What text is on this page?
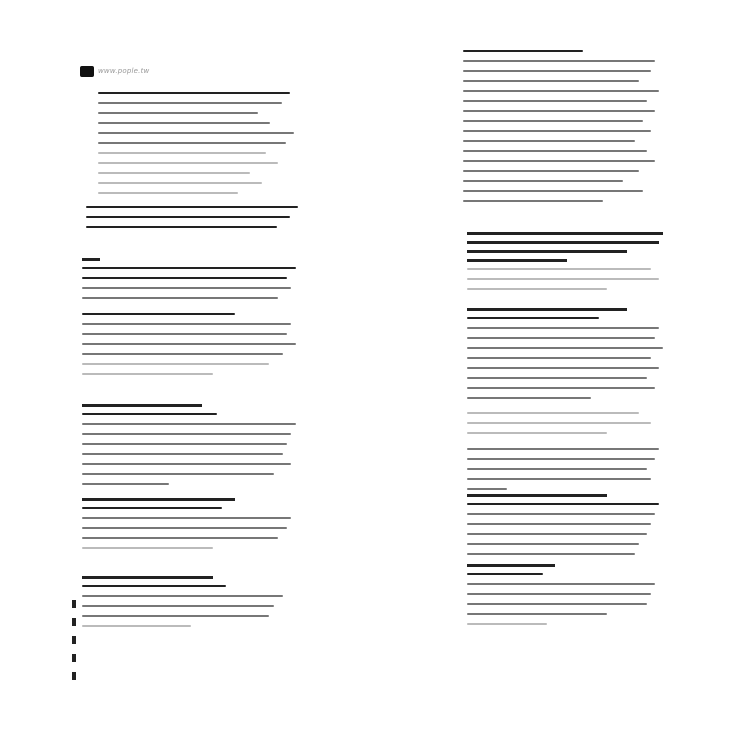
www.pople.tw
